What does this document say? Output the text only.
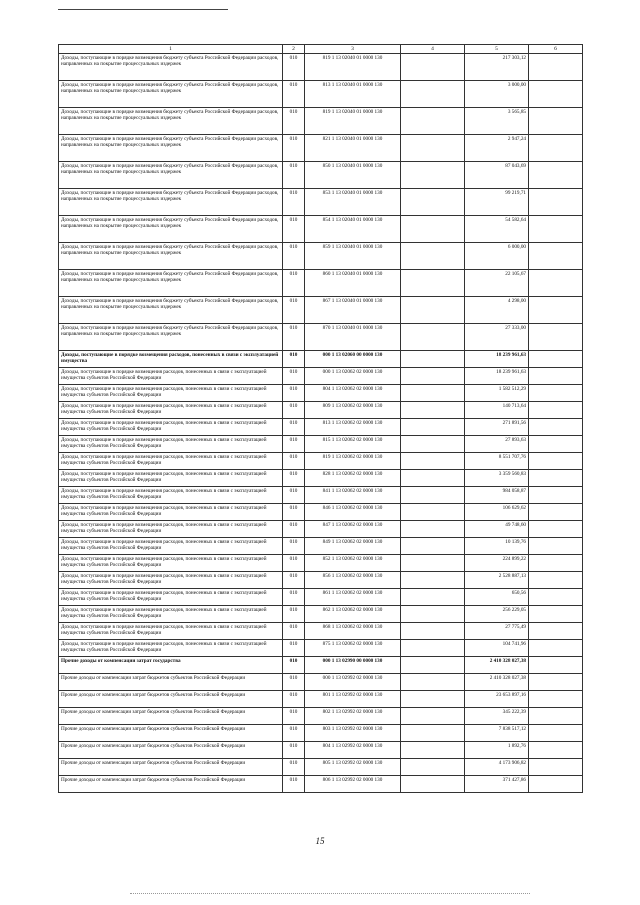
1	2	3	4	5	6
Доходы, поступающие в порядке возмещения бюджету субъекта Российской Федерации расходов, направленных на покрытие процессуальных издержек	010	819 1 13 02040 01 0000 130		217 303,12	
Доходы, поступающие в порядке возмещения бюджету субъекта Российской Федерации расходов, направленных на покрытие процессуальных издержек	010	813 1 13 02040 01 0000 130		3 000,00	
Доходы, поступающие в порядке возмещения бюджету субъекта Российской Федерации расходов, направленных на покрытие процессуальных издержек	010	819 1 13 02040 01 0000 130		3 565,85	
Доходы, поступающие в порядке возмещения бюджету субъекта Российской Федерации расходов, направленных на покрытие процессуальных издержек	010	821 1 13 02040 01 0000 130		2 947,24	
Доходы, поступающие в порядке возмещения бюджету субъекта Российской Федерации расходов, направленных на покрытие процессуальных издержек	010	850 1 13 02040 01 0000 130		87 043,69	
Доходы, поступающие в порядке возмещения бюджету субъекта Российской Федерации расходов, направленных на покрытие процессуальных издержек	010	853 1 13 02040 01 0000 130		99 219,71	
Доходы, поступающие в порядке возмещения бюджету субъекта Российской Федерации расходов, направленных на покрытие процессуальных издержек	010	854 1 13 02040 01 0000 130		54 582,64	
Доходы, поступающие в порядке возмещения бюджету субъекта Российской Федерации расходов, направленных на покрытие процессуальных издержек	010	859 1 13 02040 01 0000 130		6 000,00	
Доходы, поступающие в порядке возмещения бюджету субъекта Российской Федерации расходов, направленных на покрытие процессуальных издержек	010	860 1 13 02040 01 0000 130		22 105,67	
Доходы, поступающие в порядке возмещения бюджету субъекта Российской Федерации расходов, направленных на покрытие процессуальных издержек	010	867 1 13 02040 01 0000 130		4 298,00	
Доходы, поступающие в порядке возмещения бюджету субъекта Российской Федерации расходов, направленных на покрытие процессуальных издержек	010	870 1 13 02040 01 0000 130		27 333,00	
Доходы, поступающие в порядке возмещения расходов, понесенных в связи с эксплуатацией имущества	010	000 1 13 02060 00 0000 130		18 239 961,63	
Доходы, поступающие в порядке возмещения расходов, понесенных в связи с эксплуатацией имущества субъектов Российской Федерации	010	000 1 13 02062 02 0000 130		18 239 961,63	
Доходы, поступающие в порядке возмещения расходов, понесенных в связи с эксплуатацией имущества субъектов Российской Федерации	010	804 1 13 02062 02 0000 130		1 582 512,29	
Доходы, поступающие в порядке возмещения расходов, понесенных в связи с эксплуатацией имущества субъектов Российской Федерации	010	809 1 13 02062 02 0000 130		140 713,64	
Доходы, поступающие в порядке возмещения расходов, понесенных в связи с эксплуатацией имущества субъектов Российской Федерации	010	813 1 13 02062 02 0000 130		271 891,56	
Доходы, поступающие в порядке возмещения расходов, понесенных в связи с эксплуатацией имущества субъектов Российской Федерации	010	815 1 13 02062 02 0000 130		27 893,63	
Доходы, поступающие в порядке возмещения расходов, понесенных в связи с эксплуатацией имущества субъектов Российской Федерации	010	819 1 13 02062 02 0000 130		8 551 707,76	
Доходы, поступающие в порядке возмещения расходов, понесенных в связи с эксплуатацией имущества субъектов Российской Федерации	010	828 1 13 02062 02 0000 130		3 359 560,83	
Доходы, поступающие в порядке возмещения расходов, понесенных в связи с эксплуатацией имущества субъектов Российской Федерации	010	841 1 13 02062 02 0000 130		984 058,87	
Доходы, поступающие в порядке возмещения расходов, понесенных в связи с эксплуатацией имущества субъектов Российской Федерации	010	846 1 13 02062 02 0000 130		106 629,62	
Доходы, поступающие в порядке возмещения расходов, понесенных в связи с эксплуатацией имущества субъектов Российской Федерации	010	847 1 13 02062 02 0000 130		49 748,60	
Доходы, поступающие в порядке возмещения расходов, понесенных в связи с эксплуатацией имущества субъектов Российской Федерации	010	849 1 13 02062 02 0000 130		10 139,76	
Доходы, поступающие в порядке возмещения расходов, понесенных в связи с эксплуатацией имущества субъектов Российской Федерации	010	852 1 13 02062 02 0000 130		224 899,22	
Доходы, поступающие в порядке возмещения расходов, понесенных в связи с эксплуатацией имущества субъектов Российской Федерации	010	856 1 13 02062 02 0000 130		2 528 887,13	
Доходы, поступающие в порядке возмещения расходов, понесенных в связи с эксплуатацией имущества субъектов Российской Федерации	010	861 1 13 02062 02 0000 130		650,56	
Доходы, поступающие в порядке возмещения расходов, понесенных в связи с эксплуатацией имущества субъектов Российской Федерации	010	862 1 13 02062 02 0000 130		256 229,05	
Доходы, поступающие в порядке возмещения расходов, понесенных в связи с эксплуатацией имущества субъектов Российской Федерации	010	868 1 13 02062 02 0000 130		27 775,49	
Доходы, поступающие в порядке возмещения расходов, понесенных в связи с эксплуатацией имущества субъектов Российской Федерации	010	875 1 13 02062 02 0000 130		104 741,96	
Прочие доходы от компенсации затрат государства	010	000 1 13 02990 00 0000 130		2 410 328 027,38	
Прочие доходы от компенсации затрат бюджетов субъектов Российской Федерации	010	000 1 13 02992 02 0000 130		2 410 328 027,38	
Прочие доходы от компенсации затрат бюджетов субъектов Российской Федерации	010	801 1 13 02992 02 0000 130		23 653 897,16	
Прочие доходы от компенсации затрат бюджетов субъектов Российской Федерации	010	802 1 13 02992 02 0000 130		345 222,39	
Прочие доходы от компенсации затрат бюджетов субъектов Российской Федерации	010	803 1 13 02992 02 0000 130		7 838 517,12	
Прочие доходы от компенсации затрат бюджетов субъектов Российской Федерации	010	804 1 13 02992 02 0000 130		1 892,76	
Прочие доходы от компенсации затрат бюджетов субъектов Российской Федерации	010	805 1 13 02992 02 0000 130		4 173 906,82	
Прочие доходы от компенсации затрат бюджетов субъектов Российской Федерации	010	806 1 13 02992 02 0000 130		371 427,86	
15
